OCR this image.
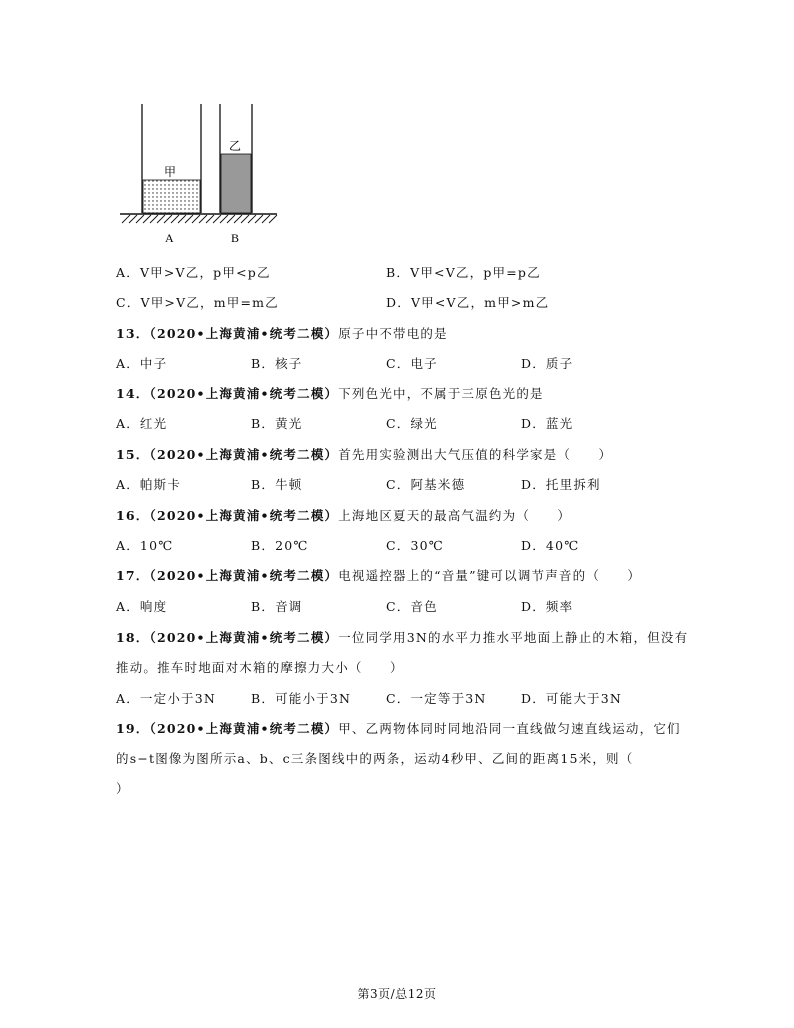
甲
乙
A	B
A．V甲>V乙，p甲<p乙	B．V甲<V乙，p甲=p乙
C．V甲>V乙，m甲=m乙	D．V甲<V乙，m甲>m乙
13．（2020•上海黄浦•统考二模）原子中不带电的是
A．中子	B．核子	C．电子	D．质子
14．（2020•上海黄浦•统考二模）下列色光中，不属于三原色光的是
A．红光	B．黄光	C．绿光	D．蓝光
15．（2020•上海黄浦•统考二模）首先用实验测出大气压值的科学家是（　　）
A．帕斯卡	B．牛顿	C．阿基米德	D．托里拆利
16．（2020•上海黄浦•统考二模）上海地区夏天的最高气温约为（　　）
A．10℃	B．20℃	C．30℃	D．40℃
17．（2020•上海黄浦•统考二模）电视遥控器上的“音量”键可以调节声音的（　　）
A．响度	B．音调	C．音色	D．频率
18．（2020•上海黄浦•统考二模）一位同学用3N的水平力推水平地面上静止的木箱，但没有
推动。推车时地面对木箱的摩擦力大小（　　）
A．一定小于3N	B．可能小于3N	C．一定等于3N	D．可能大于3N
19．（2020•上海黄浦•统考二模）甲、乙两物体同时同地沿同一直线做匀速直线运动，它们
的s−t图像为图所示a、b、c三条图线中的两条，运动4秒甲、乙间的距离15米，则（
）
第3页/总12页
